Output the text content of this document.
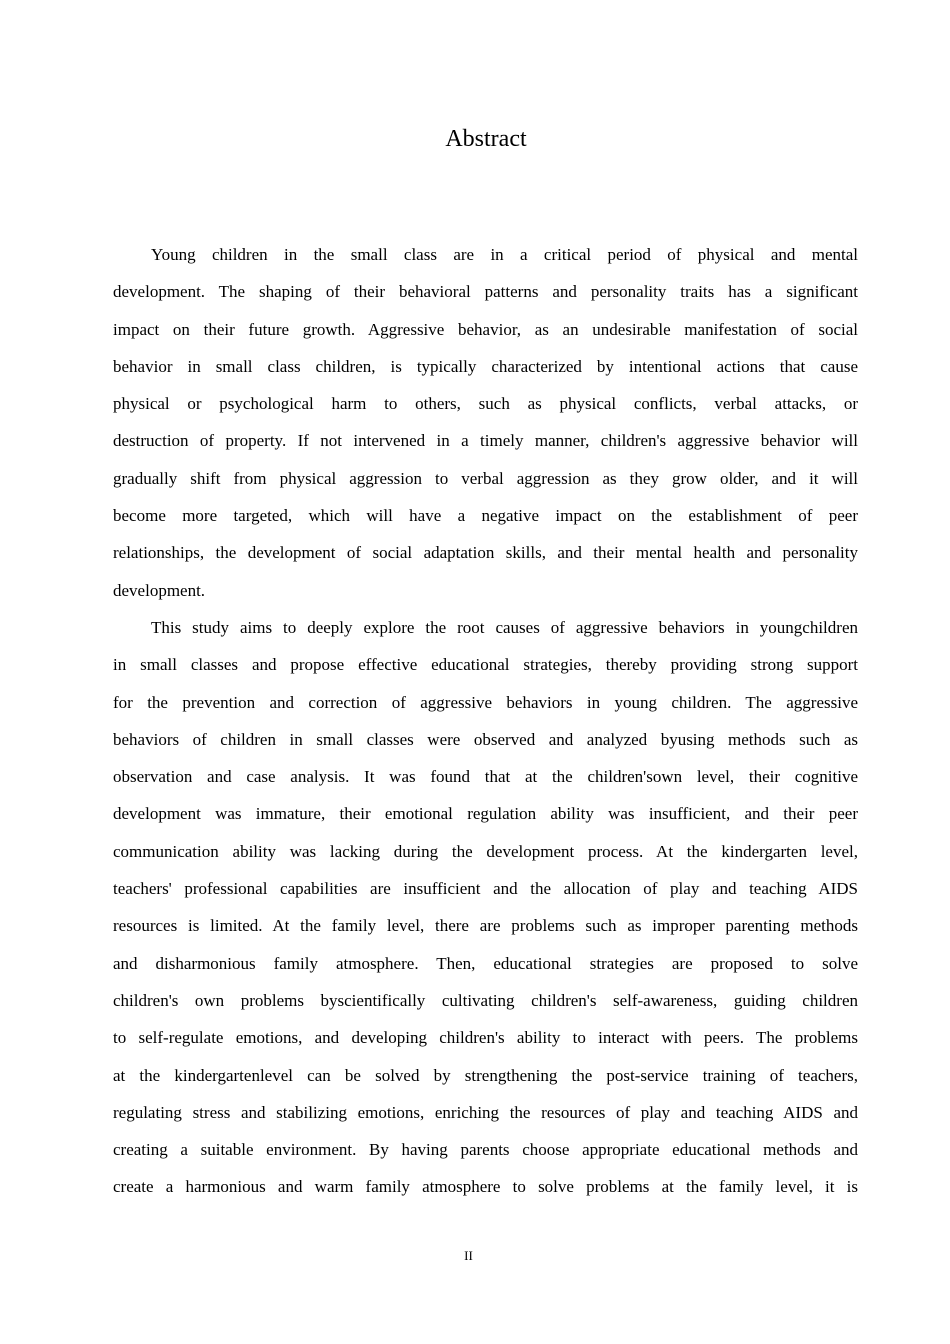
Abstract
Young children in the small class are in a critical period of physical and mental
development. The shaping of their behavioral patterns and personality traits has a significant
impact on their future growth. Aggressive behavior, as an undesirable manifestation of social
behavior in small class children, is typically characterized by intentional actions that cause
physical or psychological harm to others, such as physical conflicts, verbal attacks, or
destruction of property. If not intervened in a timely manner, children's aggressive behavior will
gradually shift from physical aggression to verbal aggression as they grow older, and it will
become more targeted, which will have a negative impact on the establishment of peer
relationships, the development of social adaptation skills, and their mental health and personality
development.
This study aims to deeply explore the root causes of aggressive behaviors in youngchildren
in small classes and propose effective educational strategies, thereby providing strong support
for the prevention and correction of aggressive behaviors in young children. The aggressive
behaviors of children in small classes were observed and analyzed byusing methods such as
observation and case analysis. It was found that at the children'sown level, their cognitive
development was immature, their emotional regulation ability was insufficient, and their peer
communication ability was lacking during the development process. At the kindergarten level,
teachers' professional capabilities are insufficient and the allocation of play and teaching AIDS
resources is limited. At the family level, there are problems such as improper parenting methods
and disharmonious family atmosphere. Then, educational strategies are proposed to solve
children's own problems byscientifically cultivating children's self-awareness, guiding children
to self-regulate emotions, and developing children's ability to interact with peers. The problems
at the kindergartenlevel can be solved by strengthening the post-service training of teachers,
regulating stress and stabilizing emotions, enriching the resources of play and teaching AIDS and
creating a suitable environment. By having parents choose appropriate educational methods and
create a harmonious and warm family atmosphere to solve problems at the family level, it is
II
